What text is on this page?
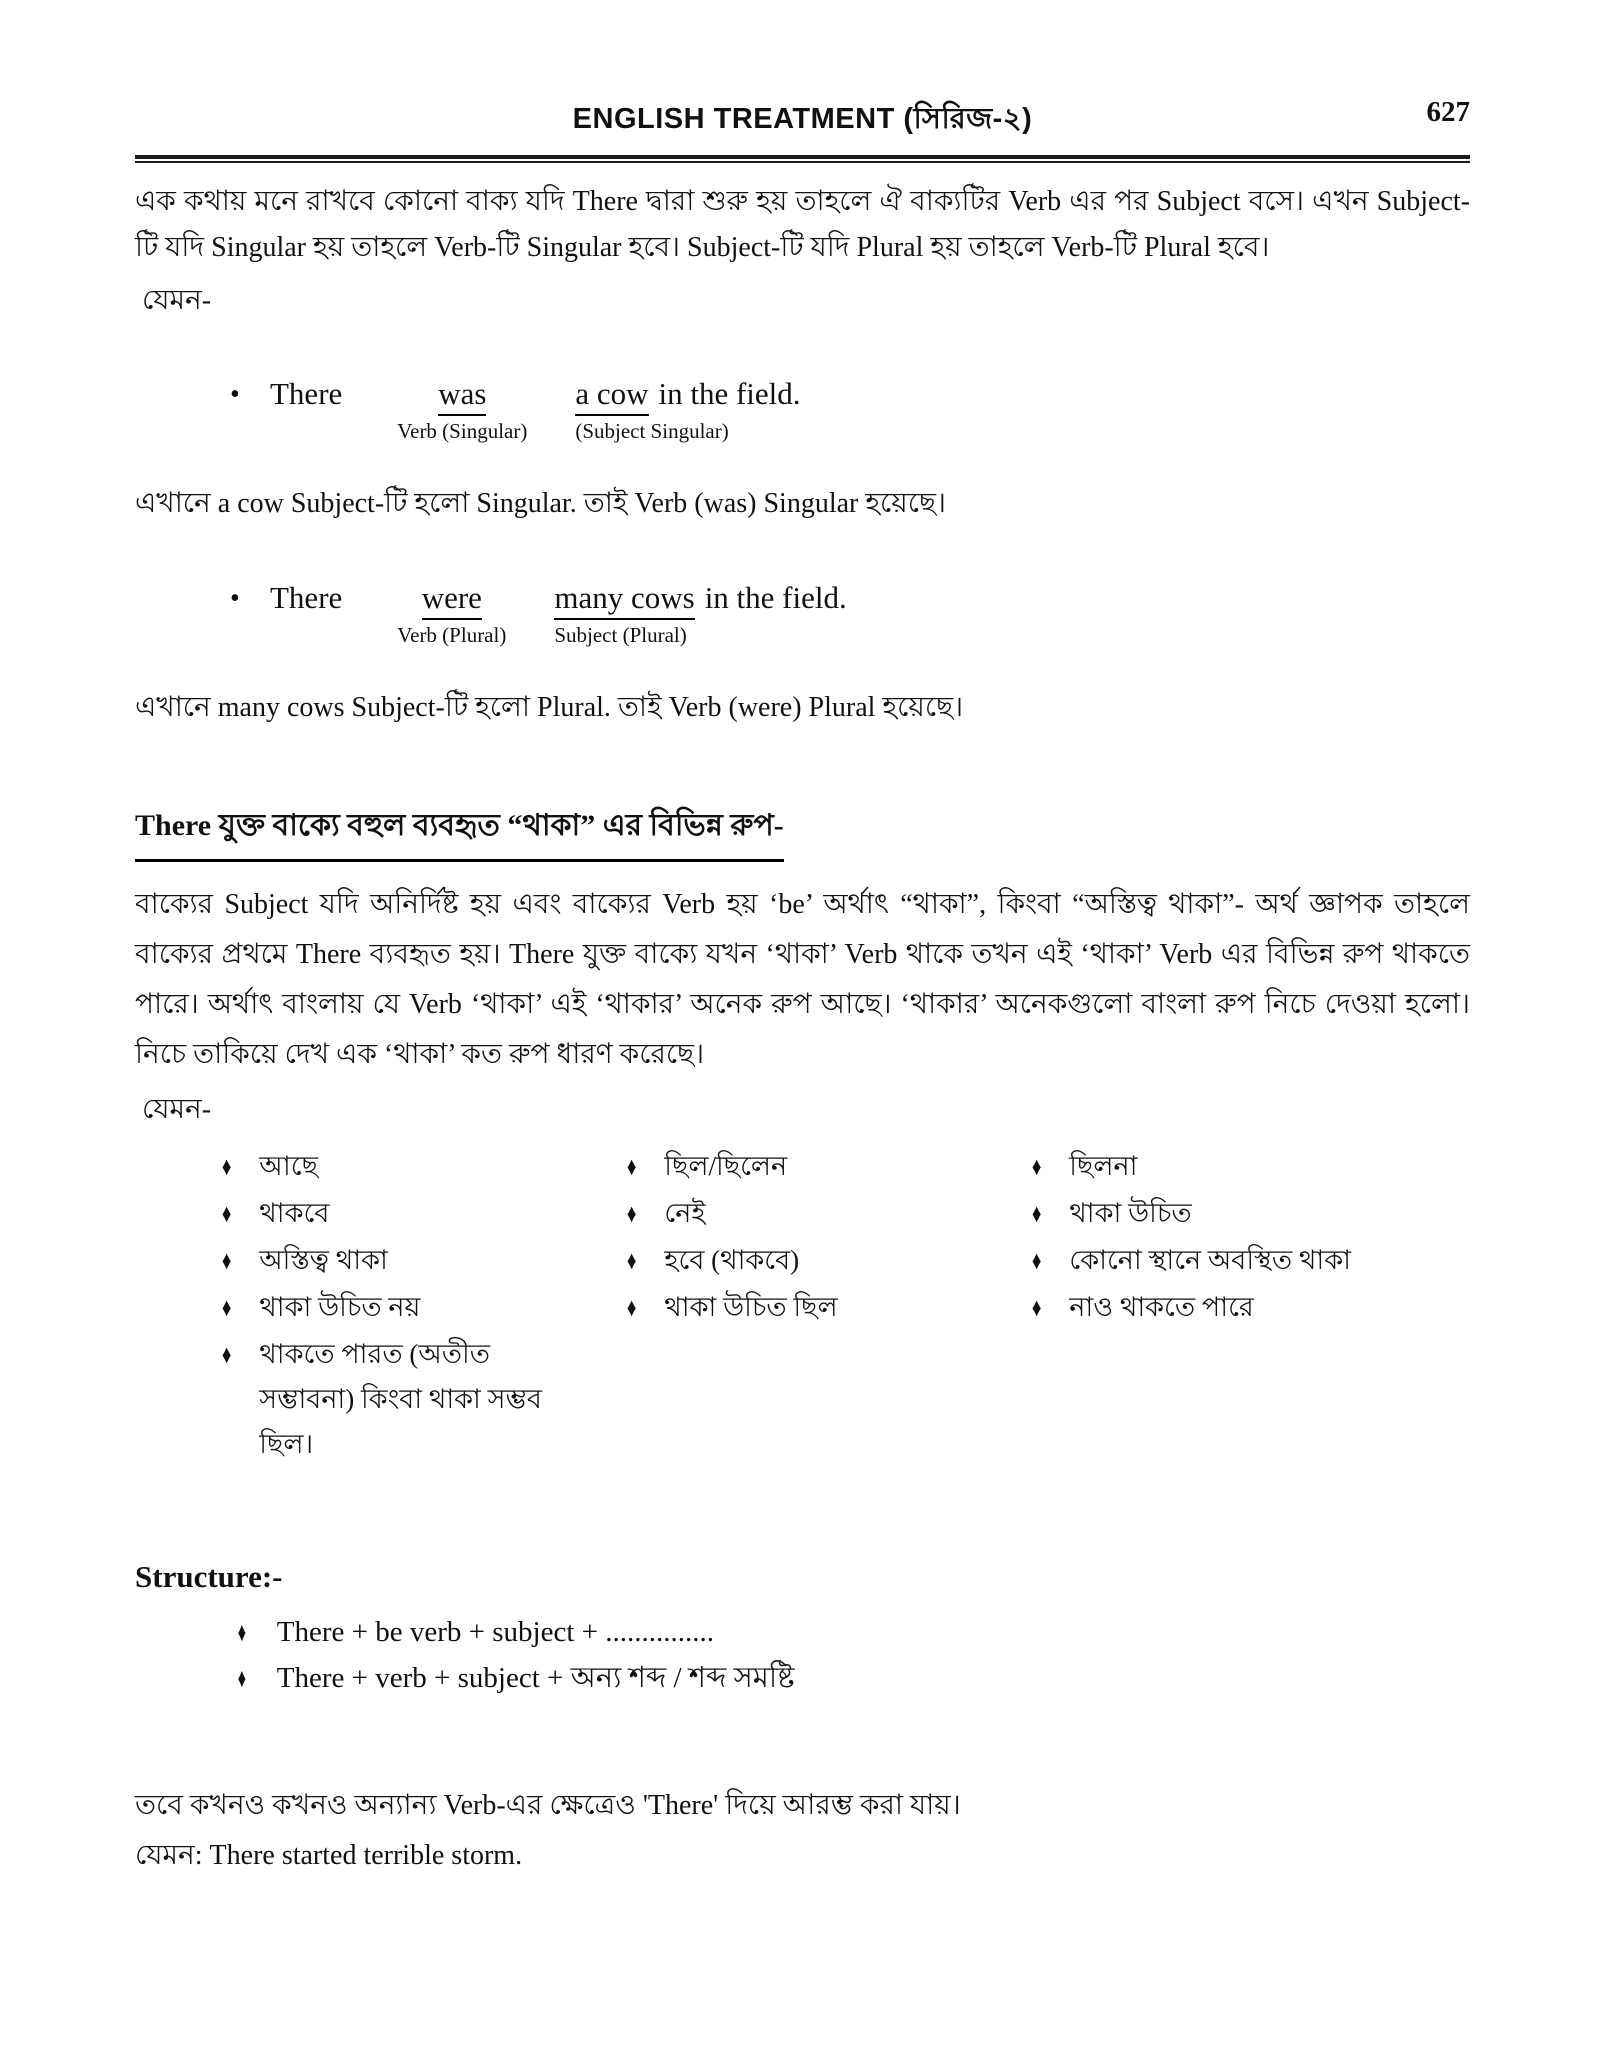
ENGLISH TREATMENT (সিরিজ-২)	627
এক কথায় মনে রাখবে কোনো বাক্য যদি There দ্বারা শুরু হয় তাহলে ঐ বাক্যটির Verb এর পর Subject বসে। এখন Subject-টি যদি Singular হয় তাহলে Verb-টি Singular হবে। Subject-টি যদি Plural হয় তাহলে Verb-টি Plural হবে।
যেমন-
• There	was
Verb (Singular)
a cow in the field.
(Subject Singular)
এখানে a cow Subject-টি হলো Singular. তাই Verb (was) Singular হয়েছে।
• There	were
Verb (Plural)
many cows in the field.
Subject (Plural)
এখানে many cows Subject-টি হলো Plural. তাই Verb (were) Plural হয়েছে।
There যুক্ত বাক্যে বহুল ব্যবহৃত “থাকা” এর বিভিন্ন রুপ-
বাক্যের Subject যদি অনির্দিষ্ট হয় এবং বাক্যের Verb হয় ‘be’ অর্থাৎ “থাকা”, কিংবা “অস্তিত্ব থাকা”- অর্থ জ্ঞাপক তাহলে বাক্যের প্রথমে There ব্যবহৃত হয়। There যুক্ত বাক্যে যখন ‘থাকা’ Verb থাকে তখন এই ‘থাকা’ Verb এর বিভিন্ন রুপ থাকতে পারে। অর্থাৎ বাংলায় যে Verb ‘থাকা’ এই ‘থাকার’ অনেক রুপ আছে। ‘থাকার’ অনেকগুলো বাংলা রুপ নিচে দেওয়া হলো। নিচে তাকিয়ে দেখ এক ‘থাকা’ কত রুপ ধারণ করেছে।
যেমন-
♦ আছে
♦ থাকবে
♦ অস্তিত্ব থাকা
♦ থাকা উচিত নয়
♦ থাকতে পারত (অতীত সম্ভাবনা) কিংবা থাকা সম্ভব ছিল।
♦ ছিল/ছিলেন
♦ নেই
♦ হবে (থাকবে)
♦ থাকা উচিত ছিল
♦ ছিলনা
♦ থাকা উচিত
♦ কোনো স্থানে অবস্থিত থাকা
♦ নাও থাকতে পারে
Structure:-
♦ There + be verb + subject + ...............
♦ There + verb + subject + অন্য শব্দ / শব্দ সমষ্টি
তবে কখনও কখনও অন্যান্য Verb-এর ক্ষেত্রেও 'There' দিয়ে আরম্ভ করা যায়।
যেমন: There started terrible storm.
